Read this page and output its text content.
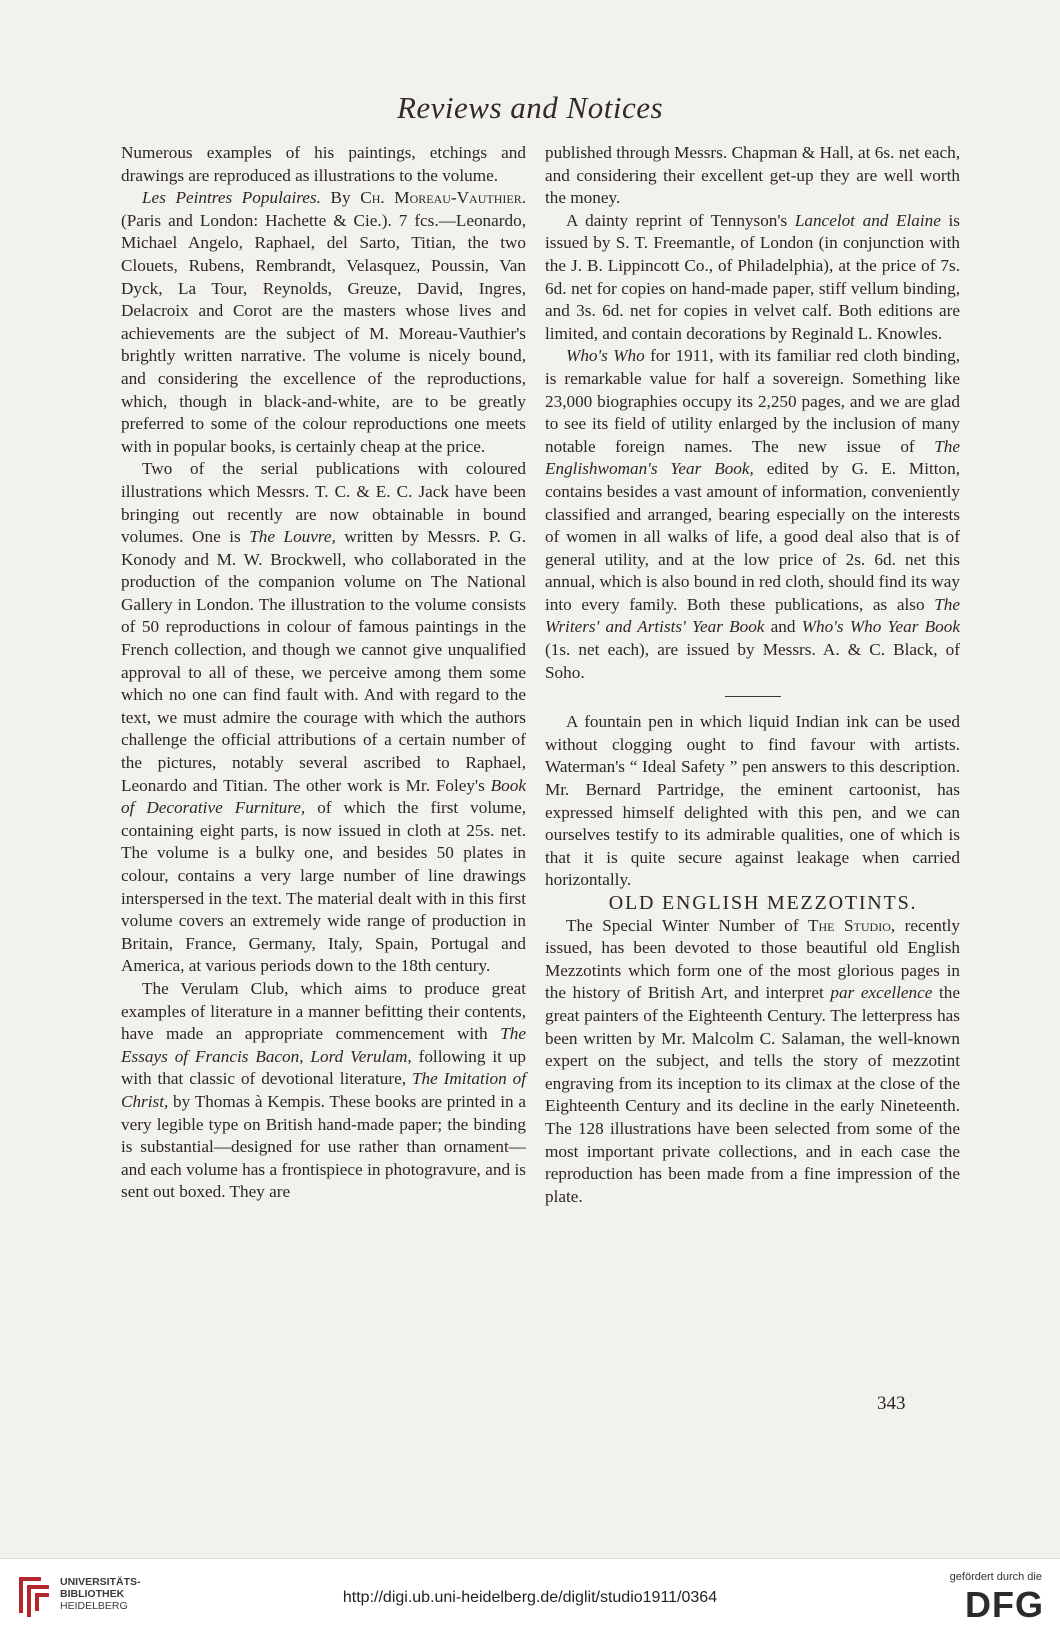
Reviews and Notices

Numerous examples of his paintings, etchings and drawings are reproduced as illustrations to the volume.

Les Peintres Populaires. By Ch. Moreau-Vauthier. (Paris and London: Hachette & Cie.). 7 fcs.—Leonardo, Michael Angelo, Raphael, del Sarto, Titian, the two Clouets, Rubens, Rembrandt, Velasquez, Poussin, Van Dyck, La Tour, Reynolds, Greuze, David, Ingres, Delacroix and Corot are the masters whose lives and achievements are the subject of M. Moreau-Vauthier's brightly written narrative. The volume is nicely bound, and considering the excellence of the reproductions, which, though in black-and-white, are to be greatly preferred to some of the colour reproductions one meets with in popular books, is certainly cheap at the price.

Two of the serial publications with coloured illustrations which Messrs. T. C. & E. C. Jack have been bringing out recently are now obtainable in bound volumes. One is The Louvre, written by Messrs. P. G. Konody and M. W. Brockwell, who collaborated in the production of the companion volume on The National Gallery in London. The illustration to the volume consists of 50 reproductions in colour of famous paintings in the French collection, and though we cannot give unqualified approval to all of these, we perceive among them some which no one can find fault with. And with regard to the text, we must admire the courage with which the authors challenge the official attributions of a certain number of the pictures, notably several ascribed to Raphael, Leonardo and Titian. The other work is Mr. Foley's Book of Decorative Furniture, of which the first volume, containing eight parts, is now issued in cloth at 25s. net. The volume is a bulky one, and besides 50 plates in colour, contains a very large number of line drawings interspersed in the text. The material dealt with in this first volume covers an extremely wide range of production in Britain, France, Germany, Italy, Spain, Portugal and America, at various periods down to the 18th century.

The Verulam Club, which aims to produce great examples of literature in a manner befitting their contents, have made an appropriate commencement with The Essays of Francis Bacon, Lord Verulam, following it up with that classic of devotional literature, The Imitation of Christ, by Thomas à Kempis. These books are printed in a very legible type on British hand-made paper; the binding is substantial—designed for use rather than ornament—and each volume has a frontispiece in photogravure, and is sent out boxed. They are

published through Messrs. Chapman & Hall, at 6s. net each, and considering their excellent get-up they are well worth the money.

A dainty reprint of Tennyson's Lancelot and Elaine is issued by S. T. Freemantle, of London (in conjunction with the J. B. Lippincott Co., of Philadelphia), at the price of 7s. 6d. net for copies on hand-made paper, stiff vellum binding, and 3s. 6d. net for copies in velvet calf. Both editions are limited, and contain decorations by Reginald L. Knowles.

Who's Who for 1911, with its familiar red cloth binding, is remarkable value for half a sovereign. Something like 23,000 biographies occupy its 2,250 pages, and we are glad to see its field of utility enlarged by the inclusion of many notable foreign names. The new issue of The Englishwoman's Year Book, edited by G. E. Mitton, contains besides a vast amount of information, conveniently classified and arranged, bearing especially on the interests of women in all walks of life, a good deal also that is of general utility, and at the low price of 2s. 6d. net this annual, which is also bound in red cloth, should find its way into every family. Both these publications, as also The Writers' and Artists' Year Book and Who's Who Year Book (1s. net each), are issued by Messrs. A. & C. Black, of Soho.

A fountain pen in which liquid Indian ink can be used without clogging ought to find favour with artists. Waterman's “ Ideal Safety ” pen answers to this description. Mr. Bernard Partridge, the eminent cartoonist, has expressed himself delighted with this pen, and we can ourselves testify to its admirable qualities, one of which is that it is quite secure against leakage when carried horizontally.

OLD ENGLISH MEZZOTINTS.

The Special Winter Number of The Studio, recently issued, has been devoted to those beautiful old English Mezzotints which form one of the most glorious pages in the history of British Art, and interpret par excellence the great painters of the Eighteenth Century. The letterpress has been written by Mr. Malcolm C. Salaman, the well-known expert on the subject, and tells the story of mezzotint engraving from its inception to its climax at the close of the Eighteenth Century and its decline in the early Nineteenth. The 128 illustrations have been selected from some of the most important private collections, and in each case the reproduction has been made from a fine impression of the plate.

343
UNIVERSITÄTS-
BIBLIOTHEK
HEIDELBERG	http://digi.ub.uni-heidelberg.de/diglit/studio1911/0364
gefördert durch die
DFG
